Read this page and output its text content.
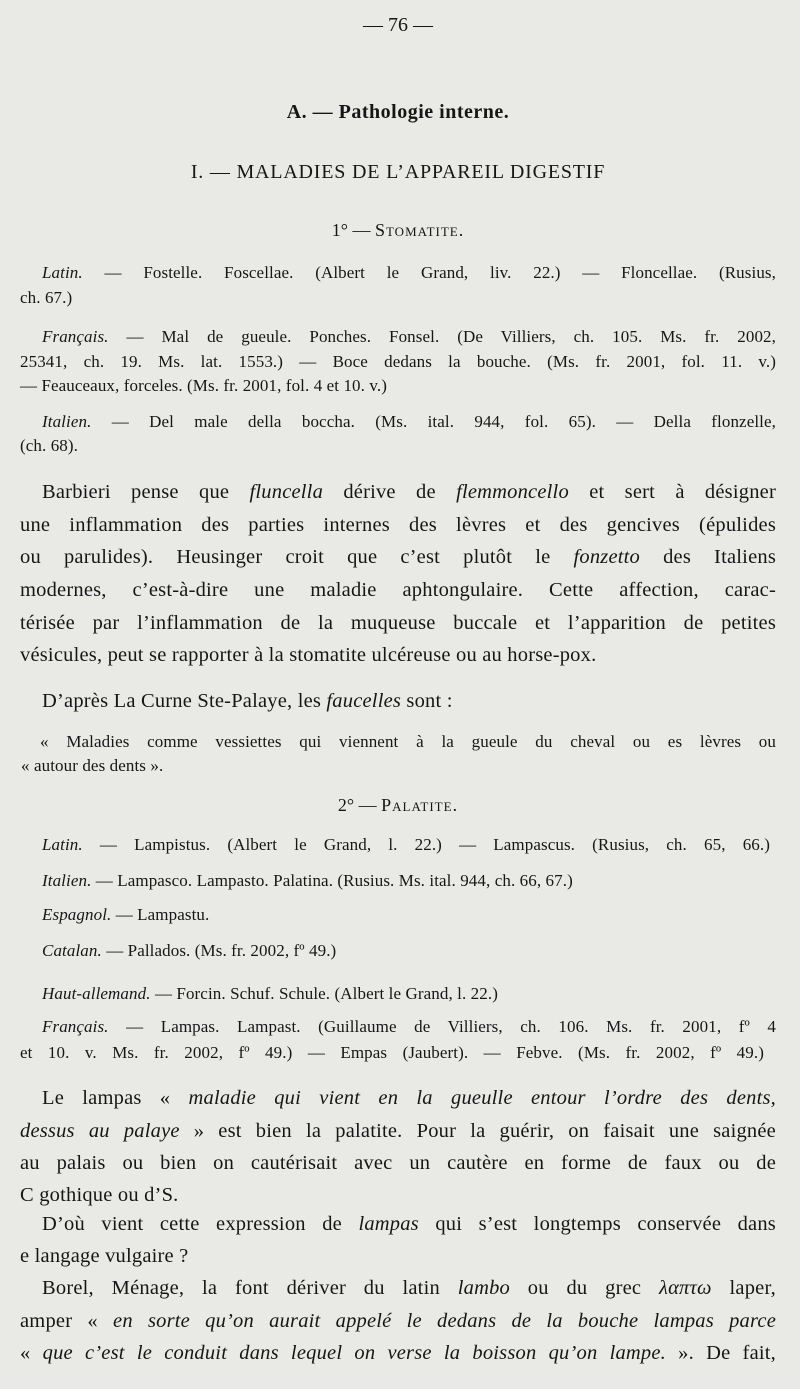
— 76 —
A. — Pathologie interne.
I. — MALADIES DE L’APPAREIL DIGESTIF
1° — Stomatite.
Latin. — Fostelle. Foscellae. (Albert le Grand, liv. 22.) — Floncellae. (Rusius,
ch. 67.)
Français. — Mal de gueule. Ponches. Fonsel. (De Villiers, ch. 105. Ms. fr. 2002,
25341, ch. 19. Ms. lat. 1553.) — Boce dedans la bouche. (Ms. fr. 2001, fol. 11. v.)
— Feauceaux, forceles. (Ms. fr. 2001, fol. 4 et 10. v.)
Italien. — Del male della boccha. (Ms. ital. 944, fol. 65). — Della flonzelle,
(ch. 68).
Barbieri pense que fluncella dérive de flemmoncello et sert à désigner
une inflammation des parties internes des lèvres et des gencives (épulides
ou parulides). Heusinger croit que c’est plutôt le fonzetto des Italiens
modernes, c’est-à-dire une maladie aphtongulaire. Cette affection, carac-
térisée par l’inflammation de la muqueuse buccale et l’apparition de petites
vésicules, peut se rapporter à la stomatite ulcéreuse ou au horse-pox.
D’après La Curne Ste-Palaye, les faucelles sont :
« Maladies comme vessiettes qui viennent à la gueule du cheval ou es lèvres ou
« autour des dents ».
2° — Palatite.
Latin. — Lampistus. (Albert le Grand, l. 22.) — Lampascus. (Rusius, ch. 65, 66.)
Italien. — Lampasco. Lampasto. Palatina. (Rusius. Ms. ital. 944, ch. 66, 67.)
Espagnol. — Lampastu.
Catalan. — Pallados. (Ms. fr. 2002, fº 49.)
Haut-allemand. — Forcin. Schuf. Schule. (Albert le Grand, l. 22.)
Français. — Lampas. Lampast. (Guillaume de Villiers, ch. 106. Ms. fr. 2001, fº 4
et 10. v. Ms. fr. 2002, fº 49.) — Empas (Jaubert). — Febve. (Ms. fr. 2002, fº 49.)
Le lampas « maladie qui vient en la gueulle entour l’ordre des dents,
dessus au palaye » est bien la palatite. Pour la guérir, on faisait une saignée
au palais ou bien on cautérisait avec un cautère en forme de faux ou de
C gothique ou d’S.
D’où vient cette expression de lampas qui s’est longtemps conservée dans
e langage vulgaire ?
Borel, Ménage, la font dériver du latin lambo ou du grec λαπτω laper,
amper « en sorte qu’on aurait appelé le dedans de la bouche lampas parce
« que c’est le conduit dans lequel on verse la boisson qu’on lampe. ». De fait,
